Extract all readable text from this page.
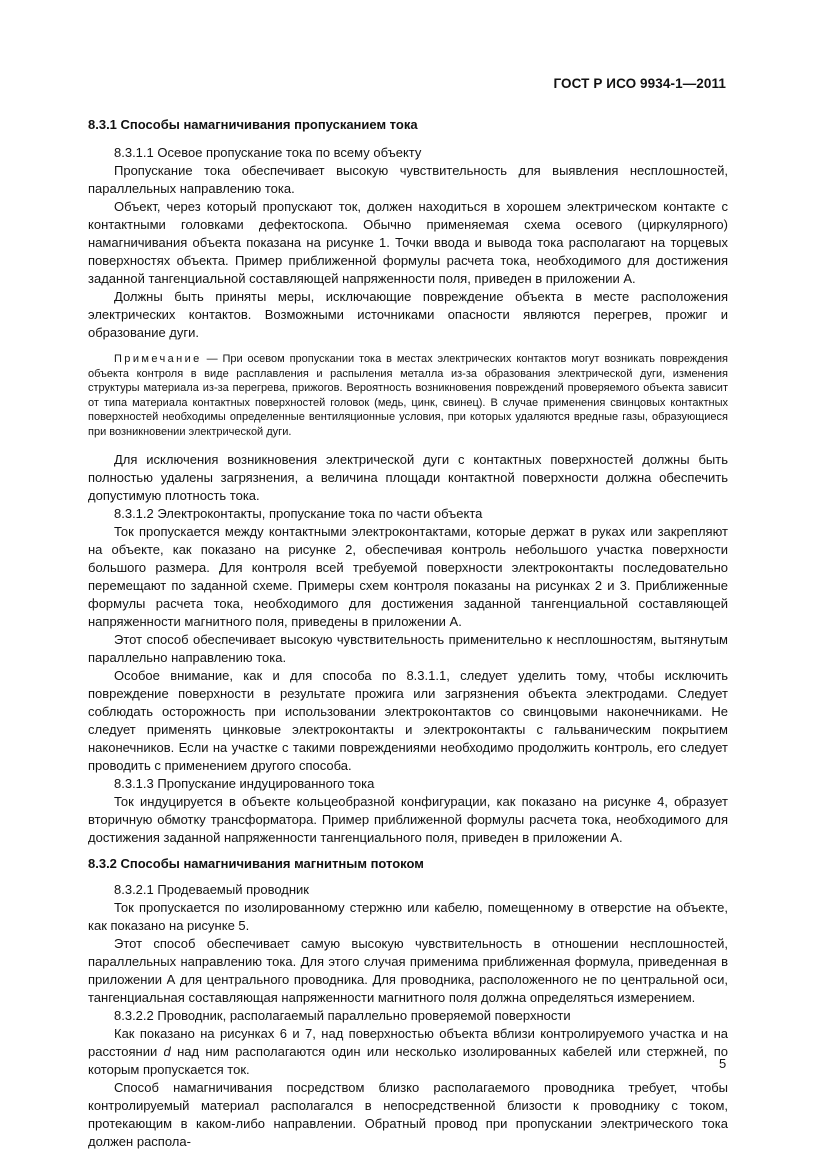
ГОСТ Р ИСО 9934-1—2011

8.3.1 Способы намагничивания пропусканием тока

8.3.1.1 Осевое пропускание тока по всему объекту

Пропускание тока обеспечивает высокую чувствительность для выявления несплошностей, параллельных направлению тока.

Объект, через который пропускают ток, должен находиться в хорошем электрическом контакте с контактными головками дефектоскопа. Обычно применяемая схема осевого (циркулярного) намагничивания объекта показана на рисунке 1. Точки ввода и вывода тока располагают на торцевых поверхностях объекта. Пример приближенной формулы расчета тока, необходимого для достижения заданной тангенциальной составляющей напряженности поля, приведен в приложении А.

Должны быть приняты меры, исключающие повреждение объекта в месте расположения электрических контактов. Возможными источниками опасности являются перегрев, прожиг и образование дуги.

Примечание — При осевом пропускании тока в местах электрических контактов могут возникать повреждения объекта контроля в виде расплавления и распыления металла из-за образования электрической дуги, изменения структуры материала из-за перегрева, прижогов. Вероятность возникновения повреждений проверяемого объекта зависит от типа материала контактных поверхностей головок (медь, цинк, свинец). В случае применения свинцовых контактных поверхностей необходимы определенные вентиляционные условия, при которых удаляются вредные газы, образующиеся при возникновении электрической дуги.

Для исключения возникновения электрической дуги с контактных поверхностей должны быть полностью удалены загрязнения, а величина площади контактной поверхности должна обеспечить допустимую плотность тока.

8.3.1.2 Электроконтакты, пропускание тока по части объекта

Ток пропускается между контактными электроконтактами, которые держат в руках или закрепляют на объекте, как показано на рисунке 2, обеспечивая контроль небольшого участка поверхности большого размера. Для контроля всей требуемой поверхности электроконтакты последовательно перемещают по заданной схеме. Примеры схем контроля показаны на рисунках 2 и 3. Приближенные формулы расчета тока, необходимого для достижения заданной тангенциальной составляющей напряженности магнитного поля, приведены в приложении А.

Этот способ обеспечивает высокую чувствительность применительно к несплошностям, вытянутым параллельно направлению тока.

Особое внимание, как и для способа по 8.3.1.1, следует уделить тому, чтобы исключить повреждение поверхности в результате прожига или загрязнения объекта электродами. Следует соблюдать осторожность при использовании электроконтактов со свинцовыми наконечниками. Не следует применять цинковые электроконтакты и электроконтакты с гальваническим покрытием наконечников. Если на участке с такими повреждениями необходимо продолжить контроль, его следует проводить с применением другого способа.

8.3.1.3 Пропускание индуцированного тока

Ток индуцируется в объекте кольцеобразной конфигурации, как показано на рисунке 4, образует вторичную обмотку трансформатора. Пример приближенной формулы расчета тока, необходимого для достижения заданной напряженности тангенциального поля, приведен в приложении А.

8.3.2 Способы намагничивания магнитным потоком

8.3.2.1 Продеваемый проводник

Ток пропускается по изолированному стержню или кабелю, помещенному в отверстие на объекте, как показано на рисунке 5.

Этот способ обеспечивает самую высокую чувствительность в отношении несплошностей, параллельных направлению тока. Для этого случая применима приближенная формула, приведенная в приложении А для центрального проводника. Для проводника, расположенного не по центральной оси, тангенциальная составляющая напряженности магнитного поля должна определяться измерением.

8.3.2.2 Проводник, располагаемый параллельно проверяемой поверхности

Как показано на рисунках 6 и 7, над поверхностью объекта вблизи контролируемого участка и на расстоянии d над ним располагаются один или несколько изолированных кабелей или стержней, по которым пропускается ток.

Способ намагничивания посредством близко располагаемого проводника требует, чтобы контролируемый материал располагался в непосредственной близости к проводнику с током, протекающим в каком-либо направлении. Обратный провод при пропускании электрического тока должен распола-

5
